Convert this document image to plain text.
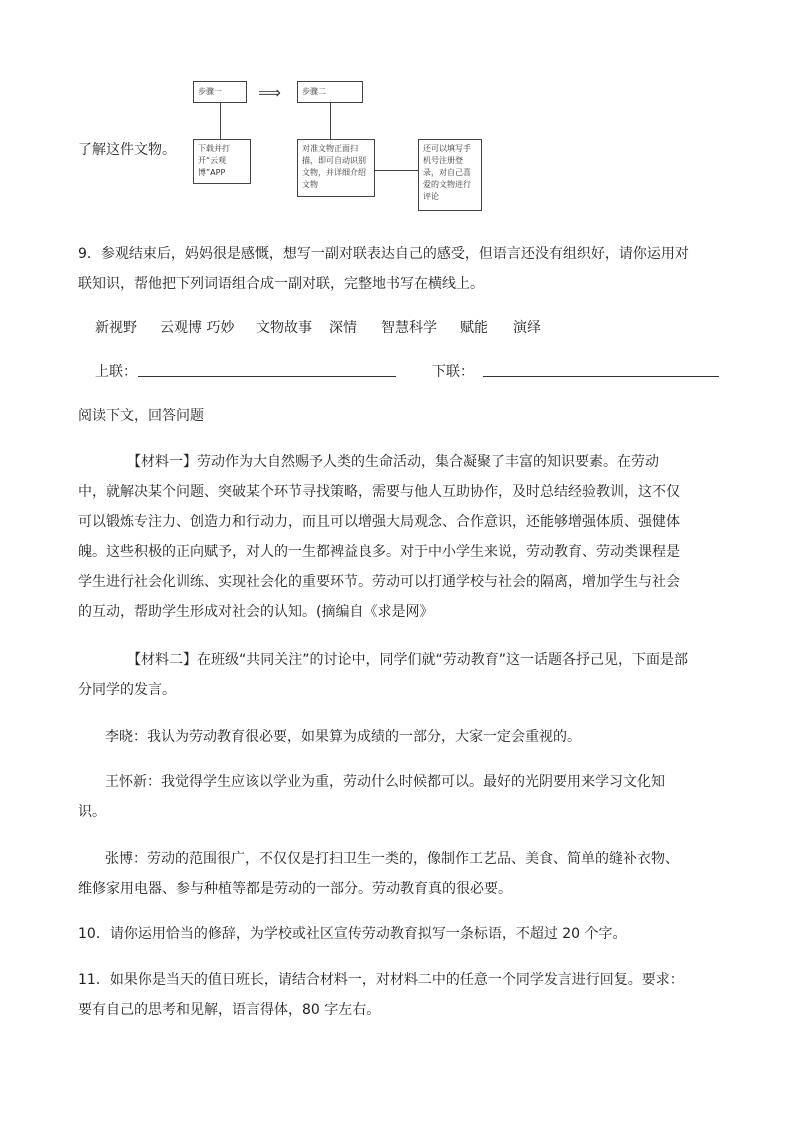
步骤一	⟹	步骤二
下载并打开“云观博”APP
对准文物正面扫描，即可自动识别文物，并详细介绍文物
还可以填写手机号注册登录，对自己喜爱的文物进行评论
了解这件文物。
9．参观结束后，妈妈很是感慨，想写一副对联表达自己的感受，但语言还没有组织好，请你运用对
联知识，帮他把下列词语组合成一副对联，完整地书写在横线上。
新视野 云观博 巧妙 文物故事 深情 智慧科学 赋能 演绎
上联：	下联：
阅读下文，回答问题
【材料一】劳动作为大自然赐予人类的生命活动，集合凝聚了丰富的知识要素。在劳动
中，就解决某个问题、突破某个环节寻找策略，需要与他人互助协作，及时总结经验教训，这不仅
可以锻炼专注力、创造力和行动力，而且可以增强大局观念、合作意识，还能够增强体质、强健体
魄。这些积极的正向赋予，对人的一生都裨益良多。对于中小学生来说，劳动教育、劳动类课程是
学生进行社会化训练、实现社会化的重要环节。劳动可以打通学校与社会的隔离，增加学生与社会
的互动，帮助学生形成对社会的认知。(摘编自《求是网》
【材料二】在班级“共同关注”的讨论中，同学们就“劳动教育”这一话题各抒己见，下面是部
分同学的发言。
李晓：我认为劳动教育很必要，如果算为成绩的一部分，大家一定会重视的。
王怀新：我觉得学生应该以学业为重，劳动什么时候都可以。最好的光阴要用来学习文化知
识。
张博：劳动的范围很广，不仅仅是打扫卫生一类的，像制作工艺品、美食、简单的缝补衣物、
维修家用电器、参与种植等都是劳动的一部分。劳动教育真的很必要。
10．请你运用恰当的修辞，为学校或社区宣传劳动教育拟写一条标语，不超过 20 个字。
11．如果你是当天的值日班长，请结合材料一，对材料二中的任意一个同学发言进行回复。要求：
要有自己的思考和见解，语言得体，80 字左右。
